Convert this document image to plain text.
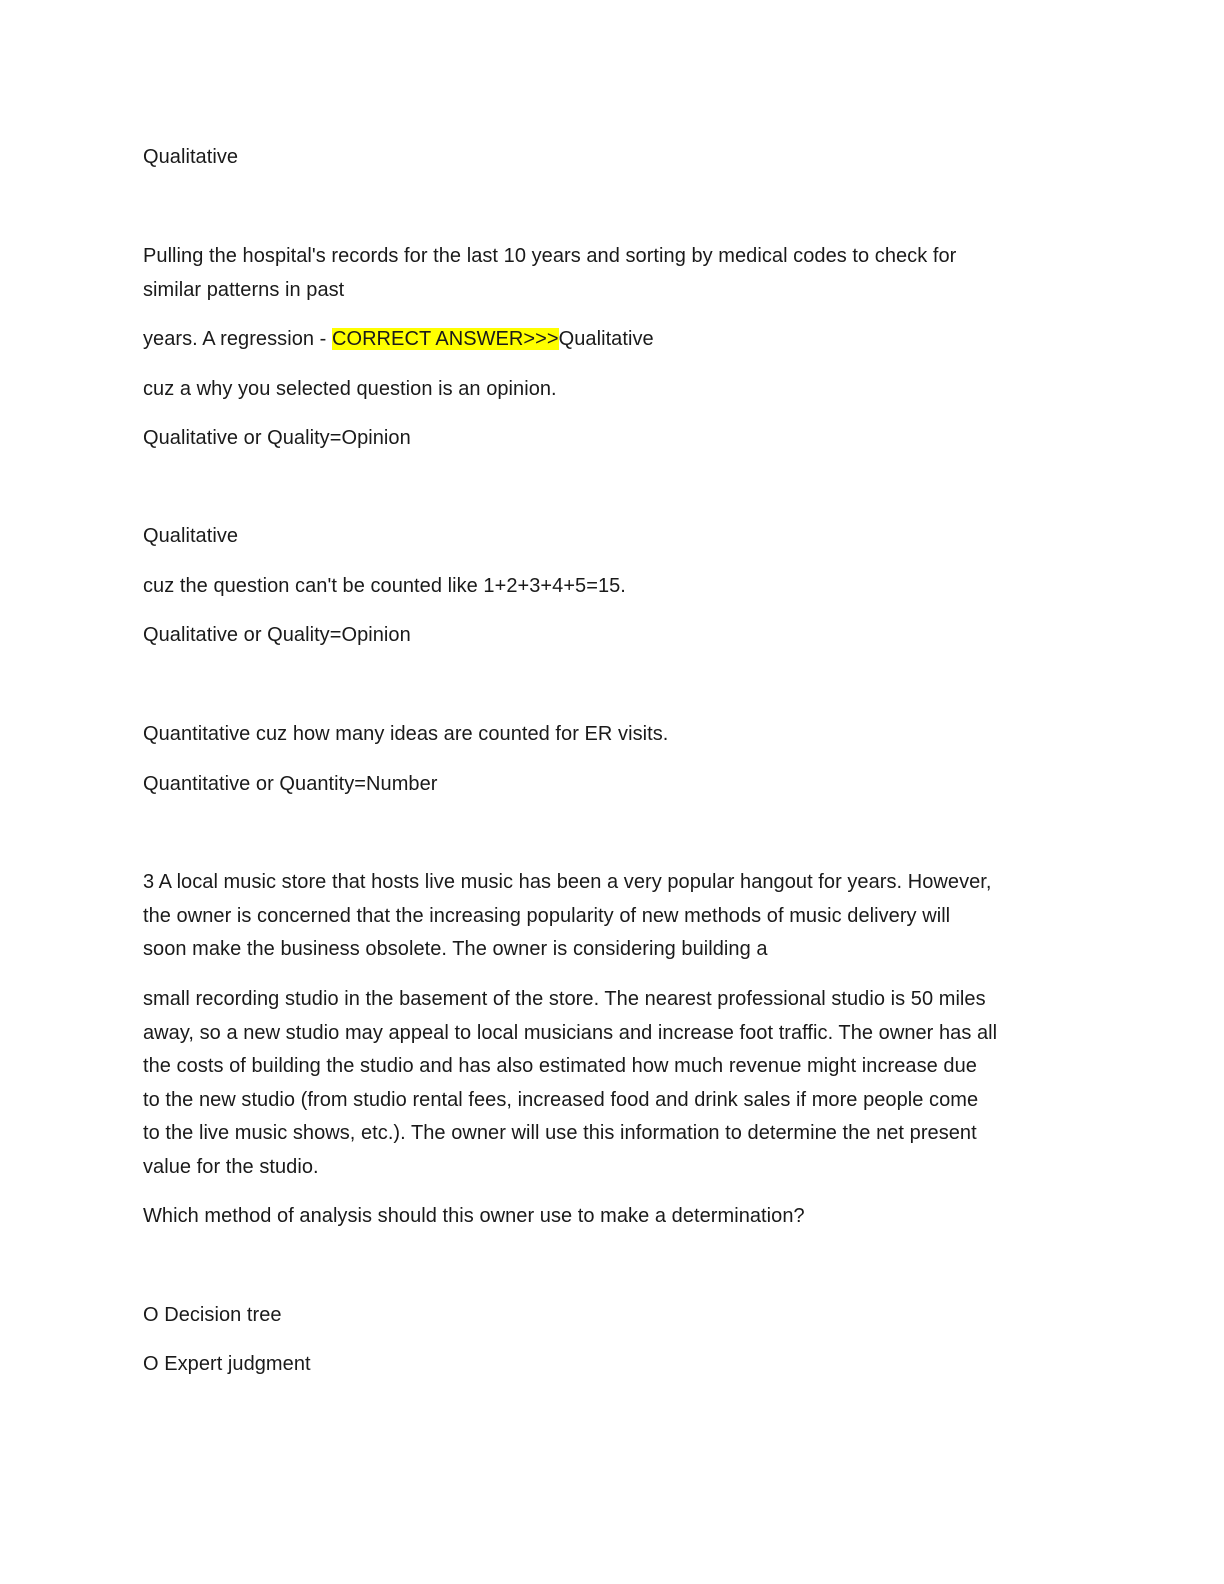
Qualitative
Pulling the hospital's records for the last 10 years and sorting by medical codes to check for
similar patterns in past
years. A regression - CORRECT ANSWER>>>Qualitative
cuz a why you selected question is an opinion.
Qualitative or Quality=Opinion
Qualitative
cuz the question can't be counted like 1+2+3+4+5=15.
Qualitative or Quality=Opinion
Quantitative cuz how many ideas are counted for ER visits.
Quantitative or Quantity=Number
3 A local music store that hosts live music has been a very popular hangout for years. However,
the owner is concerned that the increasing popularity of new methods of music delivery will
soon make the business obsolete. The owner is considering building a
small recording studio in the basement of the store. The nearest professional studio is 50 miles
away, so a new studio may appeal to local musicians and increase foot traffic. The owner has all
the costs of building the studio and has also estimated how much revenue might increase due
to the new studio (from studio rental fees, increased food and drink sales if more people come
to the live music shows, etc.). The owner will use this information to determine the net present
value for the studio.
Which method of analysis should this owner use to make a determination?
O Decision tree
O Expert judgment
